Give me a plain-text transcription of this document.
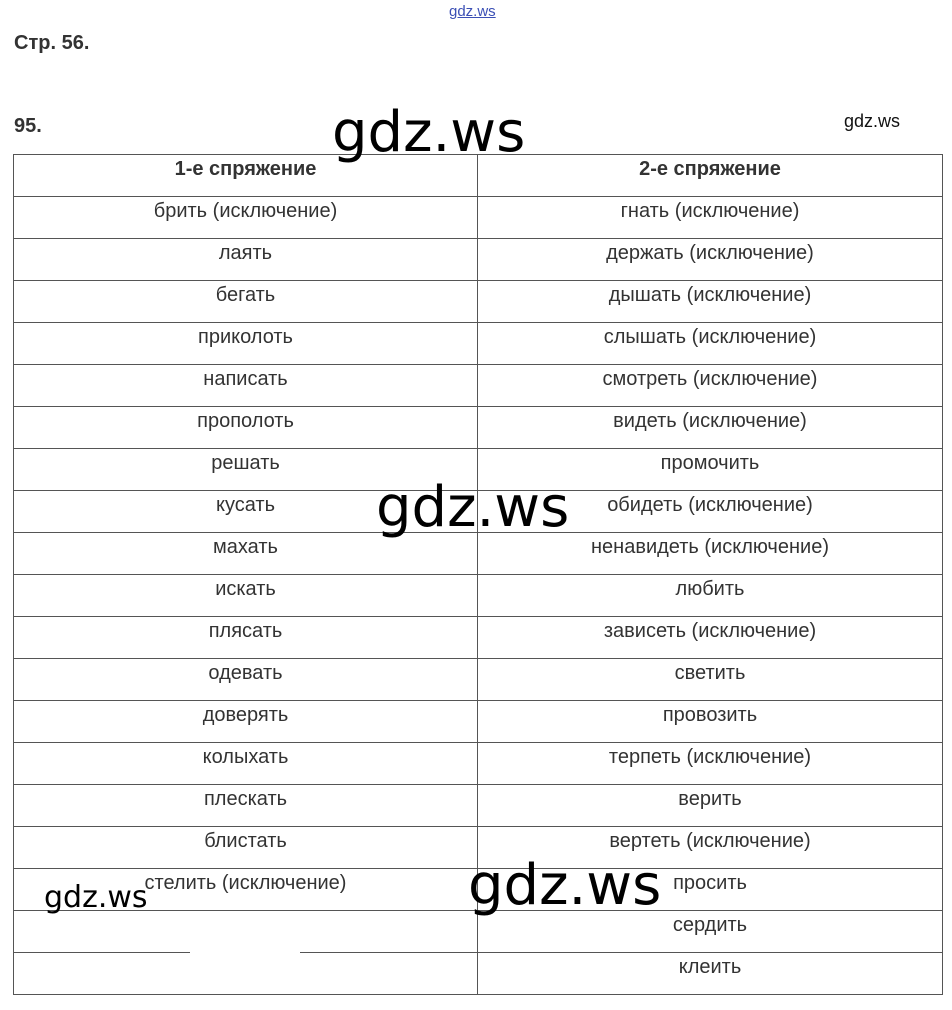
gdz.ws
Стр. 56.
95.	gdz.ws
1-е спряжение	2-е спряжение
брить (исключение)	гнать (исключение)
лаять	держать (исключение)
бегать	дышать (исключение)
приколоть	слышать (исключение)
написать	смотреть (исключение)
прополоть	видеть (исключение)
решать	промочить
кусать	обидеть (исключение)
махать	ненавидеть (исключение)
искать	любить
плясать	зависеть (исключение)
одевать	светить
доверять	провозить
колыхать	терпеть (исключение)
плескать	верить
блистать	вертеть (исключение)
стелить (исключение)	просить
	сердить
	клеить
gdz.ws
gdz.ws
gdz.ws
gdz.ws
